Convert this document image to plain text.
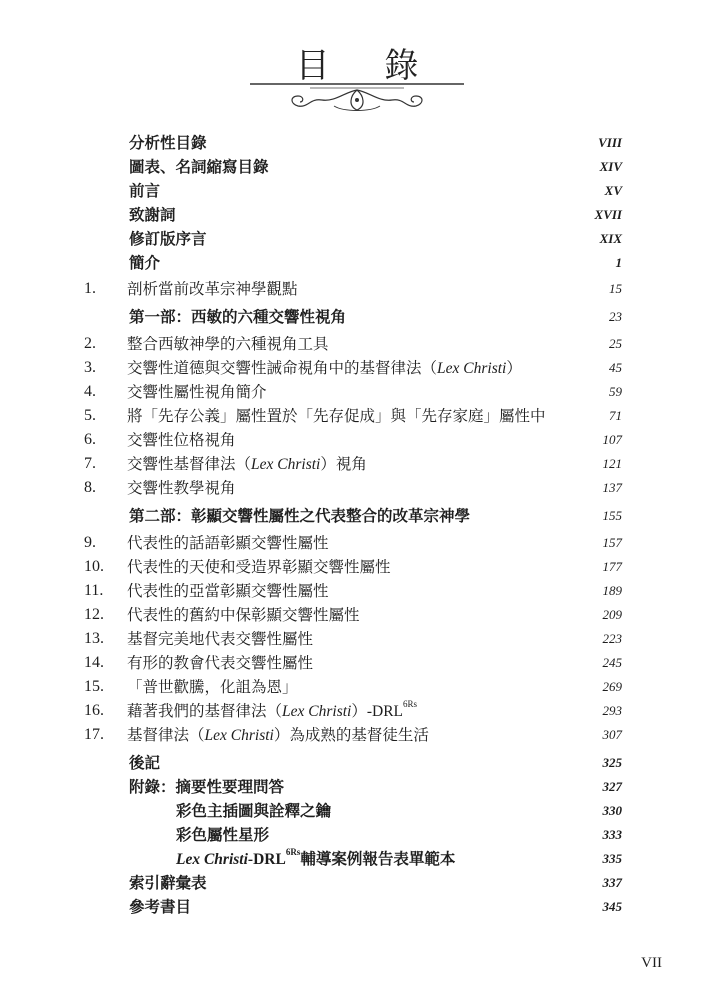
目 錄
分析性目錄	VIII
圖表、名詞縮寫目錄	XIV
前言	XV
致謝詞	XVII
修訂版序言	XIX
簡介	1
1.	剖析當前改革宗神學觀點	15
第一部：西敏的六種交響性視角	23
2.	整合西敏神學的六種視角工具	25
3.	交響性道德與交響性誡命視角中的基督律法（Lex Christi）	45
4.	交響性屬性視角簡介	59
5.	將「先存公義」屬性置於「先存促成」與「先存家庭」屬性中	71
6.	交響性位格視角	107
7.	交響性基督律法（Lex Christi）視角	121
8.	交響性教學視角	137
第二部：彰顯交響性屬性之代表整合的改革宗神學	155
9.	代表性的話語彰顯交響性屬性	157
10.	代表性的天使和受造界彰顯交響性屬性	177
11.	代表性的亞當彰顯交響性屬性	189
12.	代表性的舊約中保彰顯交響性屬性	209
13.	基督完美地代表交響性屬性	223
14.	有形的教會代表交響性屬性	245
15.	「普世歡騰，化詛為恩」	269
16.	藉著我們的基督律法（Lex $Christi)-DRL^{6Rs}$	293
17.	基督律法（Lex Christi）為成熟的基督徒生活	307
後記	325
附錄：摘要性要理問答	327
彩色主插圖與詮釋之鑰	330
彩色屬性星形	333
Lex Christi-$DRL^{6Rs}$輔導案例報告表單範本	335
索引辭彙表	337
參考書目	345
VII
